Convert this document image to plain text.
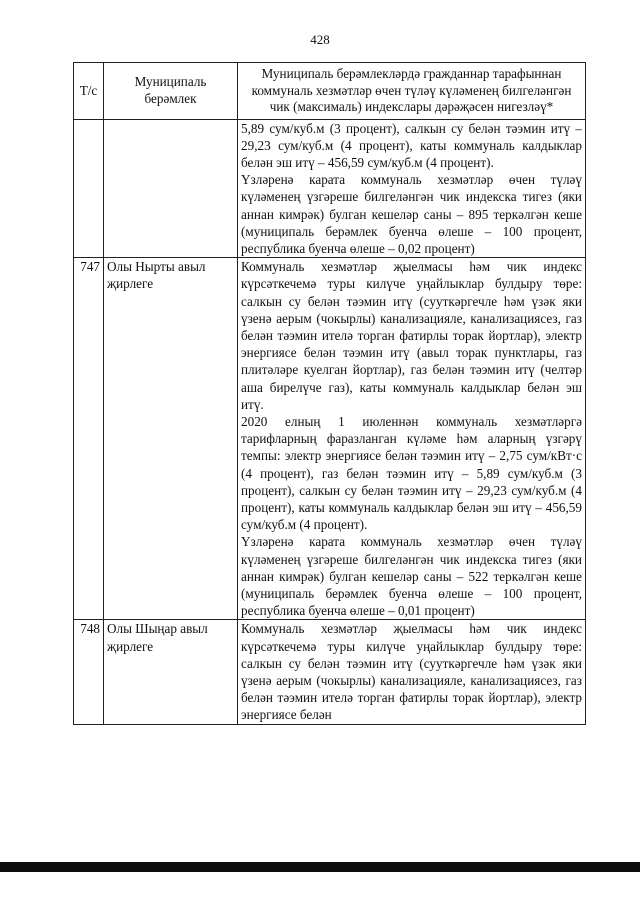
428
Т/с	Муниципаль берәмлек	Муниципаль берәмлекләрдә гражданнар тарафыннан коммуналь хезмәтләр өчен түләү күләменең билгеләнгән чик (максималь) индекслары дәрәҗәсен нигезләү*

		5,89 сум/куб.м (3 процент), салкын су белән тәэмин итү – 29,23 сум/куб.м (4 процент), каты коммуналь калдыклар белән эш итү – 456,59 сум/куб.м (4 процент).

Үзләренә карата коммуналь хезмәтләр өчен түләү күләменең үзгәреше билгеләнгән чик индекска тигез (яки аннан кимрәк) булган кешеләр саны – 895 теркәлгән кеше (муниципаль берәмлек буенча өлеше – 100 процент, республика буенча өлеше – 0,02 процент)

747	Олы Нырты авыл җирлеге	Коммуналь хезмәтләр җыелмасы һәм чик индекс күрсәткечемә туры килүче уңайлыклар булдыру төре: салкын су белән тәэмин итү (сууткәргечле һәм үзәк яки үзенә аерым (чокырлы) канализацияле, канализациясез, газ белән тәэмин ителә торган фатирлы торак йортлар), электр энергиясе белән тәэмин итү (авыл торак пунктлары, газ плитәләре куелган йортлар), газ белән тәэмин итү (челтәр аша бирелүче газ), каты коммуналь калдыклар белән эш итү.

2020 елның 1 июленнән коммуналь хезмәтләргә тарифларның фаразланган күләме һәм аларның үзгәрү темпы: электр энергиясе белән тәэмин итү – 2,75 сум/кВт·с (4 процент), газ белән тәэмин итү – 5,89 сум/куб.м (3 процент), салкын су белән тәэмин итү – 29,23 сум/куб.м (4 процент), каты коммуналь калдыклар белән эш итү – 456,59 сум/куб.м (4 процент).

Үзләренә карата коммуналь хезмәтләр өчен түләү күләменең үзгәреше билгеләнгән чик индекска тигез (яки аннан кимрәк) булган кешеләр саны – 522 теркәлгән кеше (муниципаль берәмлек буенча өлеше – 100 процент, республика буенча өлеше – 0,01 процент)

748	Олы Шыңар авыл җирлеге	Коммуналь хезмәтләр җыелмасы һәм чик индекс күрсәткечемә туры килүче уңайлыклар булдыру төре: салкын су белән тәэмин итү (сууткәргечле һәм үзәк яки үзенә аерым (чокырлы) канализацияле, канализациясез, газ белән тәэмин ителә торган фатирлы торак йортлар), электр энергиясе белән
